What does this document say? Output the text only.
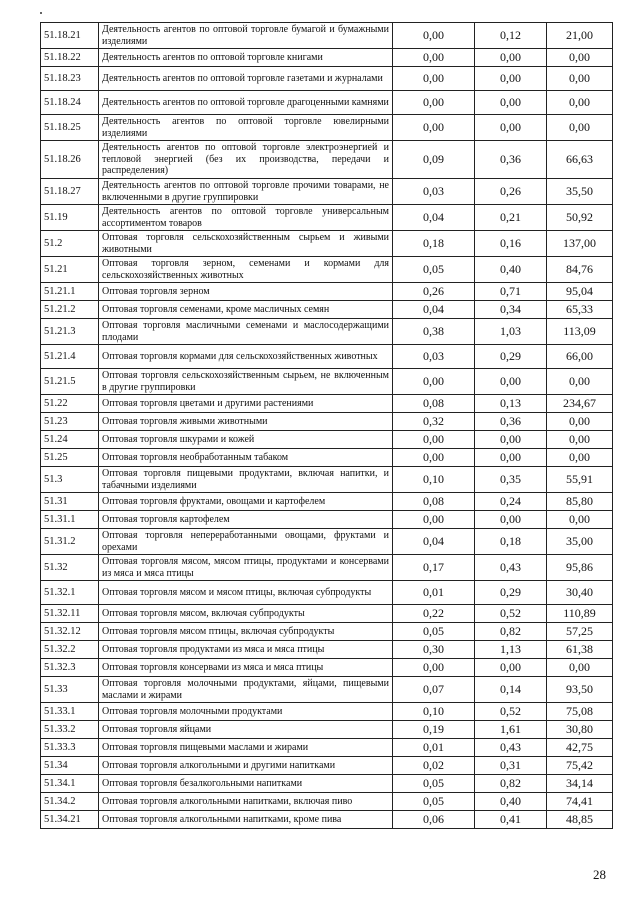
51.18.21	Деятельность агентов по оптовой торговле бумагой и бумажными изделиями	0,00	0,12	21,00
51.18.22	Деятельность агентов по оптовой торговле книгами	0,00	0,00	0,00
51.18.23	Деятельность агентов по оптовой торговле газетами и журналами	0,00	0,00	0,00
51.18.24	Деятельность агентов по оптовой торговле драгоценными камнями	0,00	0,00	0,00
51.18.25	Деятельность агентов по оптовой торговле ювелирными изделиями	0,00	0,00	0,00
51.18.26	Деятельность агентов по оптовой торговле электроэнергией и тепловой энергией (без их производства, передачи и распределения)	0,09	0,36	66,63
51.18.27	Деятельность агентов по оптовой торговле прочими товарами, не включенными в другие группировки	0,03	0,26	35,50
51.19	Деятельность агентов по оптовой торговле универсальным ассортиментом товаров	0,04	0,21	50,92
51.2	Оптовая торговля сельскохозяйственным сырьем и живыми животными	0,18	0,16	137,00
51.21	Оптовая торговля зерном, семенами и кормами для сельскохозяйственных животных	0,05	0,40	84,76
51.21.1	Оптовая торговля зерном	0,26	0,71	95,04
51.21.2	Оптовая торговля семенами, кроме масличных семян	0,04	0,34	65,33
51.21.3	Оптовая торговля масличными семенами и маслосодержащими плодами	0,38	1,03	113,09
51.21.4	Оптовая торговля кормами для сельскохозяйственных животных	0,03	0,29	66,00
51.21.5	Оптовая торговля сельскохозяйственным сырьем, не включенным в другие группировки	0,00	0,00	0,00
51.22	Оптовая торговля цветами и другими растениями	0,08	0,13	234,67
51.23	Оптовая торговля живыми животными	0,32	0,36	0,00
51.24	Оптовая торговля шкурами и кожей	0,00	0,00	0,00
51.25	Оптовая торговля необработанным табаком	0,00	0,00	0,00
51.3	Оптовая торговля пищевыми продуктами, включая напитки, и табачными изделиями	0,10	0,35	55,91
51.31	Оптовая торговля фруктами, овощами и картофелем	0,08	0,24	85,80
51.31.1	Оптовая торговля картофелем	0,00	0,00	0,00
51.31.2	Оптовая торговля непереработанными овощами, фруктами и орехами	0,04	0,18	35,00
51.32	Оптовая торговля мясом, мясом птицы, продуктами и консервами из мяса и мяса птицы	0,17	0,43	95,86
51.32.1	Оптовая торговля мясом и мясом птицы, включая субпродукты	0,01	0,29	30,40
51.32.11	Оптовая торговля мясом, включая субпродукты	0,22	0,52	110,89
51.32.12	Оптовая торговля мясом птицы, включая субпродукты	0,05	0,82	57,25
51.32.2	Оптовая торговля продуктами из мяса и мяса птицы	0,30	1,13	61,38
51.32.3	Оптовая торговля консервами из мяса и мяса птицы	0,00	0,00	0,00
51.33	Оптовая торговля молочными продуктами, яйцами, пищевыми маслами и жирами	0,07	0,14	93,50
51.33.1	Оптовая торговля молочными продуктами	0,10	0,52	75,08
51.33.2	Оптовая торговля яйцами	0,19	1,61	30,80
51.33.3	Оптовая торговля пищевыми маслами и жирами	0,01	0,43	42,75
51.34	Оптовая торговля алкогольными и другими напитками	0,02	0,31	75,42
51.34.1	Оптовая торговля безалкогольными напитками	0,05	0,82	34,14
51.34.2	Оптовая торговля алкогольными напитками, включая пиво	0,05	0,40	74,41
51.34.21	Оптовая торговля алкогольными напитками, кроме пива	0,06	0,41	48,85
28
